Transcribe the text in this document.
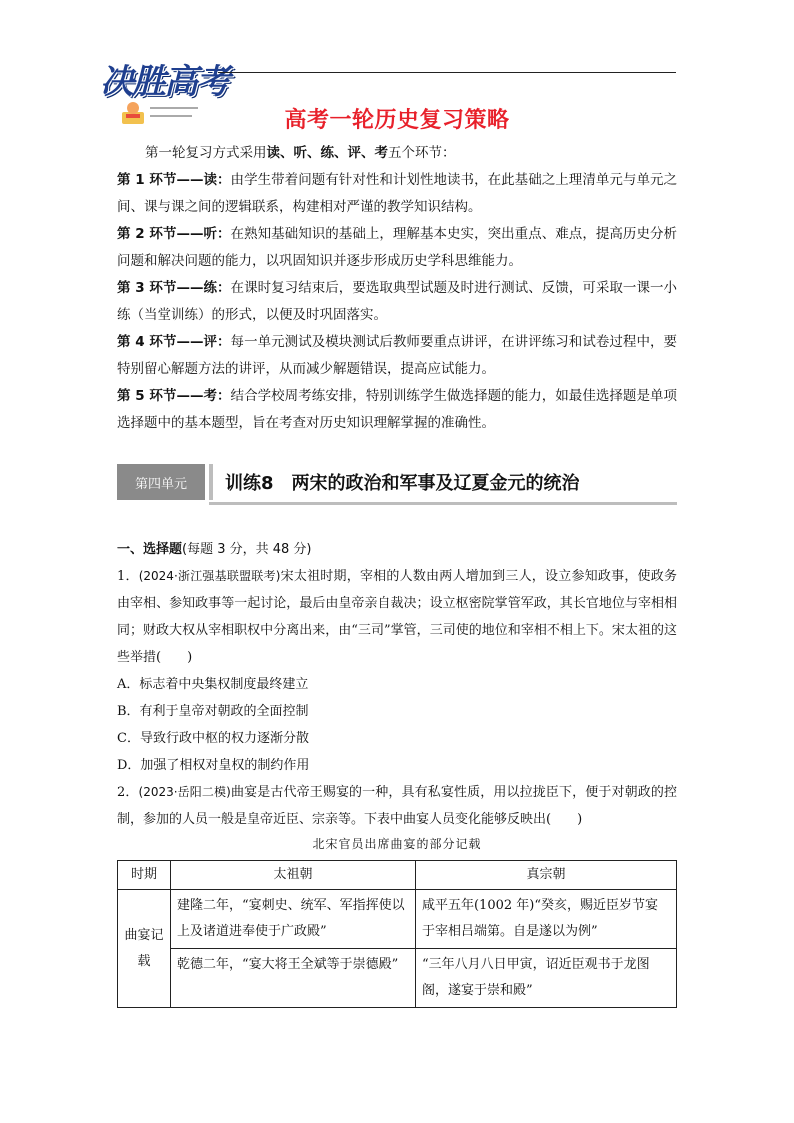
决胜高考
高考一轮历史复习策略

第一轮复习方式采用读、听、练、评、考五个环节：

第 1 环节——读：由学生带着问题有针对性和计划性地读书，在此基础之上理清单元与单元之间、课与课之间的逻辑联系，构建相对严谨的教学知识结构。

第 2 环节——听：在熟知基础知识的基础上，理解基本史实，突出重点、难点，提高历史分析问题和解决问题的能力，以巩固知识并逐步形成历史学科思维能力。

第 3 环节——练：在课时复习结束后，要选取典型试题及时进行测试、反馈，可采取一课一小练（当堂训练）的形式，以便及时巩固落实。

第 4 环节——评：每一单元测试及模块测试后教师要重点讲评，在讲评练习和试卷过程中，要特别留心解题方法的讲评，从而减少解题错误，提高应试能力。

第 5 环节——考：结合学校周考练安排，特别训练学生做选择题的能力，如最佳选择题是单项选择题中的基本题型，旨在考查对历史知识理解掌握的准确性。

第四单元	训练8　两宋的政治和军事及辽夏金元的统治
一、选择题(每题 3 分，共 48 分)

1．(2024·浙江强基联盟联考)宋太祖时期，宰相的人数由两人增加到三人，设立参知政事，使政务由宰相、参知政事等一起讨论，最后由皇帝亲自裁决；设立枢密院掌管军政，其长官地位与宰相相同；财政大权从宰相职权中分离出来，由“三司”掌管，三司使的地位和宰相不相上下。宋太祖的这些举措(　　)

A．标志着中央集权制度最终建立

B．有利于皇帝对朝政的全面控制

C．导致行政中枢的权力逐渐分散

D．加强了相权对皇权的制约作用

2．(2023·岳阳二模)曲宴是古代帝王赐宴的一种，具有私宴性质，用以拉拢臣下，便于对朝政的控制，参加的人员一般是皇帝近臣、宗亲等。下表中曲宴人员变化能够反映出(　　)

北宋官员出席曲宴的部分记载
时期	太祖朝	真宗朝
曲宴记载	建隆二年，“宴刺史、统军、军指挥使以上及诸道进奉使于广政殿”	咸平五年(1002 年)“癸亥，赐近臣岁节宴于宰相吕端第。自是遂以为例”
	乾德二年，“宴大将王全斌等于崇德殿”	“三年八月八日甲寅，诏近臣观书于龙图阁，遂宴于崇和殿”
